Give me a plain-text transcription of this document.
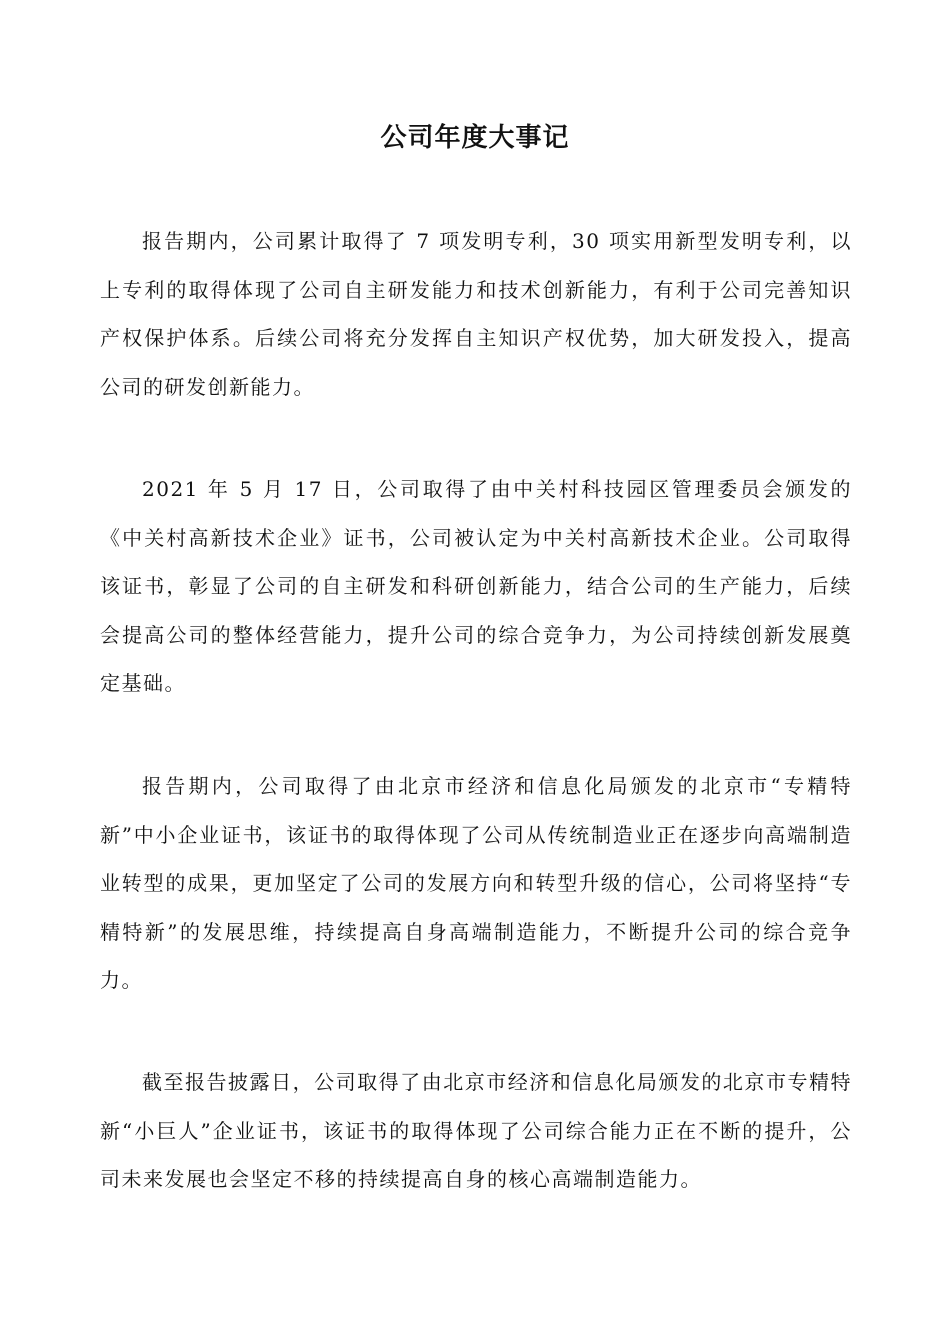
公司年度大事记

报告期内，公司累计取得了 7 项发明专利，30 项实用新型发明专利，以上专利的取得体现了公司自主研发能力和技术创新能力，有利于公司完善知识产权保护体系。后续公司将充分发挥自主知识产权优势，加大研发投入，提高公司的研发创新能力。

2021 年 5 月 17 日，公司取得了由中关村科技园区管理委员会颁发的《中关村高新技术企业》证书，公司被认定为中关村高新技术企业。公司取得该证书，彰显了公司的自主研发和科研创新能力，结合公司的生产能力，后续会提高公司的整体经营能力，提升公司的综合竞争力，为公司持续创新发展奠定基础。

报告期内，公司取得了由北京市经济和信息化局颁发的北京市“专精特新”中小企业证书，该证书的取得体现了公司从传统制造业正在逐步向高端制造业转型的成果，更加坚定了公司的发展方向和转型升级的信心，公司将坚持“专精特新”的发展思维，持续提高自身高端制造能力，不断提升公司的综合竞争力。

截至报告披露日，公司取得了由北京市经济和信息化局颁发的北京市专精特新“小巨人”企业证书，该证书的取得体现了公司综合能力正在不断的提升，公司未来发展也会坚定不移的持续提高自身的核心高端制造能力。
